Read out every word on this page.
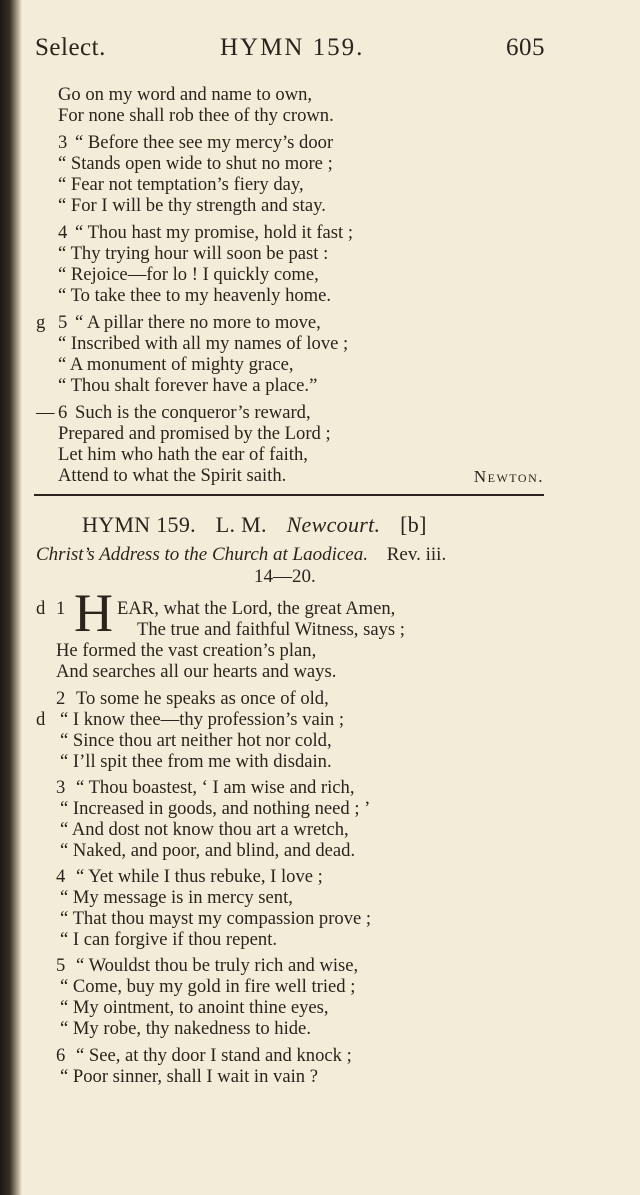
Select.	HYMN 159.	605
Go on my word and name to own,
For none shall rob thee of thy crown.
3 “ Before thee see my mercy’s door
“ Stands open wide to shut no more ;
“ Fear not temptation’s fiery day,
“ For I will be thy strength and stay.
4 “ Thou hast my promise, hold it fast ;
“ Thy trying hour will soon be past :
“ Rejoice—for lo ! I quickly come,
“ To take thee to my heavenly home.
g 5 “ A pillar there no more to move,
“ Inscribed with all my names of love ;
“ A monument of mighty grace,
“ Thou shalt forever have a place.”
— 6 Such is the conqueror’s reward,
Prepared and promised by the Lord ;
Let him who hath the ear of faith,
Attend to what the Spirit saith.	Newton.
HYMN 159. L. M. Newcourt. [b]
Christ’s Address to the Church at Laodicea. Rev. iii.
14—20.
d 1 H EAR, what the Lord, the great Amen,
The true and faithful Witness, says ;
He formed the vast creation’s plan,
And searches all our hearts and ways.
2 To some he speaks as once of old,
d “ I know thee—thy profession’s vain ;
“ Since thou art neither hot nor cold,
“ I’ll spit thee from me with disdain.
3 “ Thou boastest, ‘ I am wise and rich,
“ Increased in goods, and nothing need ; ’
“ And dost not know thou art a wretch,
“ Naked, and poor, and blind, and dead.
4 “ Yet while I thus rebuke, I love ;
“ My message is in mercy sent,
“ That thou mayst my compassion prove ;
“ I can forgive if thou repent.
5 “ Wouldst thou be truly rich and wise,
“ Come, buy my gold in fire well tried ;
“ My ointment, to anoint thine eyes,
“ My robe, thy nakedness to hide.
6 “ See, at thy door I stand and knock ;
“ Poor sinner, shall I wait in vain ?
